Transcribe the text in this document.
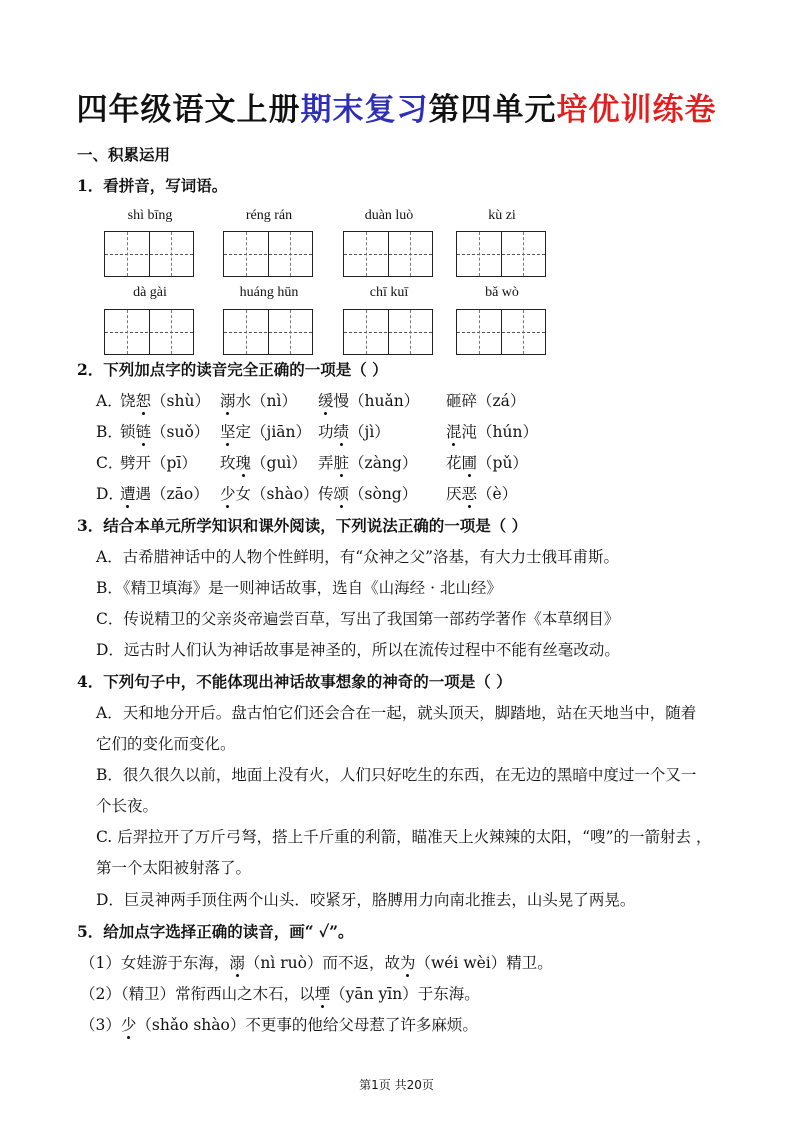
四年级语文上册期末复习第四单元培优训练卷
一、积累运用
1．看拼音，写词语。
shì bīng	réng rán	duàn luò	kù zi
dà gài	huáng hūn	chī kuī	bǎ wò
2．下列加点字的读音完全正确的一项是（ ）
A．
饶恕（shù） 溺水（nì） 缓慢（huǎn） 砸碎（zá）
B．
锁链（suǒ） 坚定（jiān） 功绩（jì）	混沌（hún）
C．
劈开（pī） 玫瑰（guì） 弄脏（zàng） 花圃（pǔ）
D．
遭遇（zāo） 少女（shào） 传颂（sòng） 厌恶（è）
3．结合本单元所学知识和课外阅读，下列说法正确的一项是（ ）
A．古希腊神话中的人物个性鲜明，有“众神之父”洛基，有大力士俄耳甫斯。
B．《精卫填海》是一则神话故事，选自《山海经 · 北山经》
C．传说精卫的父亲炎帝遍尝百草，写出了我国第一部药学著作《本草纲目》
D．远古时人们认为神话故事是神圣的，所以在流传过程中不能有丝毫改动。
4．下列句子中，不能体现出神话故事想象的神奇的一项是（ ）
A．天和地分开后。盘古怕它们还会合在一起，就头顶天，脚踏地，站在天地当中，随着
它们的变化而变化。
B．很久很久以前，地面上没有火，人们只好吃生的东西，在无边的黑暗中度过一个又一
个长夜。
C. 后羿拉开了万斤弓弩，搭上千斤重的利箭，瞄准天上火辣辣的太阳，“嗖”的一箭射去 ，
第一个太阳被射落了。
D．巨灵神两手顶住两个山头．咬紧牙，胳膊用力向南北推去，山头晃了两晃。
5．给加点字选择正确的读音，画“ ✓”。
（1）女娃游于东海，溺（nì ruò）而不返，故为（wéi wèi）精卫。
（2）（精卫）常衔西山之木石，以堙（yān yīn）于东海。
（3）少（shǎo shào）不更事的他给父母惹了许多麻烦。
第1页 共20页
